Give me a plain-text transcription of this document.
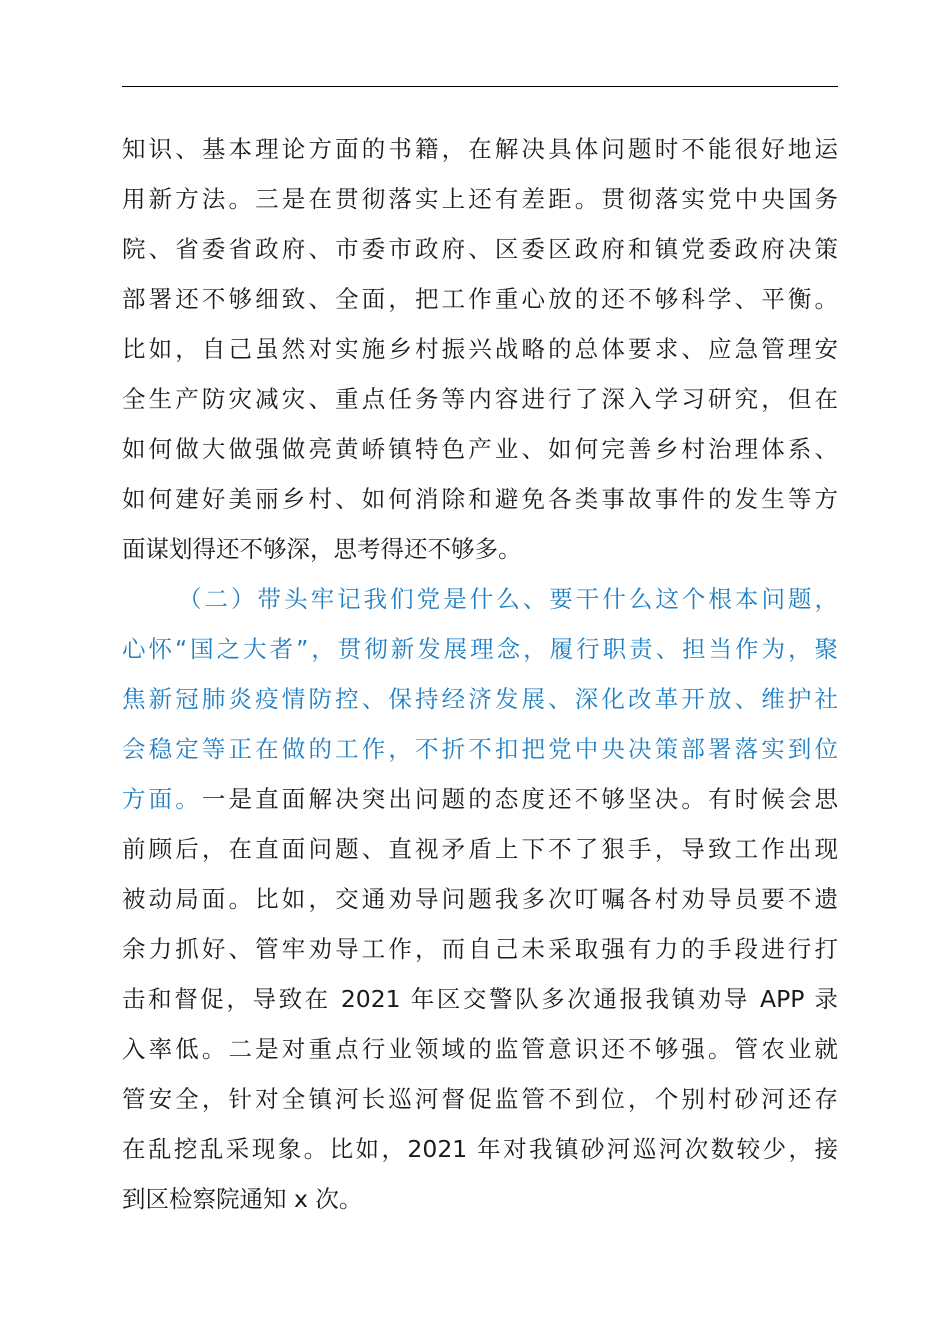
知识、基本理论方面的书籍，在解决具体问题时不能很好地运
用新方法。三是在贯彻落实上还有差距。贯彻落实党中央国务
院、省委省政府、市委市政府、区委区政府和镇党委政府决策
部署还不够细致、全面，把工作重心放的还不够科学、平衡。
比如，自己虽然对实施乡村振兴战略的总体要求、应急管理安
全生产防灾减灾、重点任务等内容进行了深入学习研究，但在
如何做大做强做亮黄峤镇特色产业、如何完善乡村治理体系、
如何建好美丽乡村、如何消除和避免各类事故事件的发生等方
面谋划得还不够深，思考得还不够多。
（二）带头牢记我们党是什么、要干什么这个根本问题，
心怀“国之大者”，贯彻新发展理念，履行职责、担当作为，聚
焦新冠肺炎疫情防控、保持经济发展、深化改革开放、维护社
会稳定等正在做的工作，不折不扣把党中央决策部署落实到位
方面。一是直面解决突出问题的态度还不够坚决。有时候会思
前顾后，在直面问题、直视矛盾上下不了狠手，导致工作出现
被动局面。比如，交通劝导问题我多次叮嘱各村劝导员要不遗
余力抓好、管牢劝导工作，而自己未采取强有力的手段进行打
击和督促，导致在 2021 年区交警队多次通报我镇劝导 APP 录
入率低。二是对重点行业领域的监管意识还不够强。管农业就
管安全，针对全镇河长巡河督促监管不到位，个别村砂河还存
在乱挖乱采现象。比如，2021 年对我镇砂河巡河次数较少，接
到区检察院通知 x 次。
